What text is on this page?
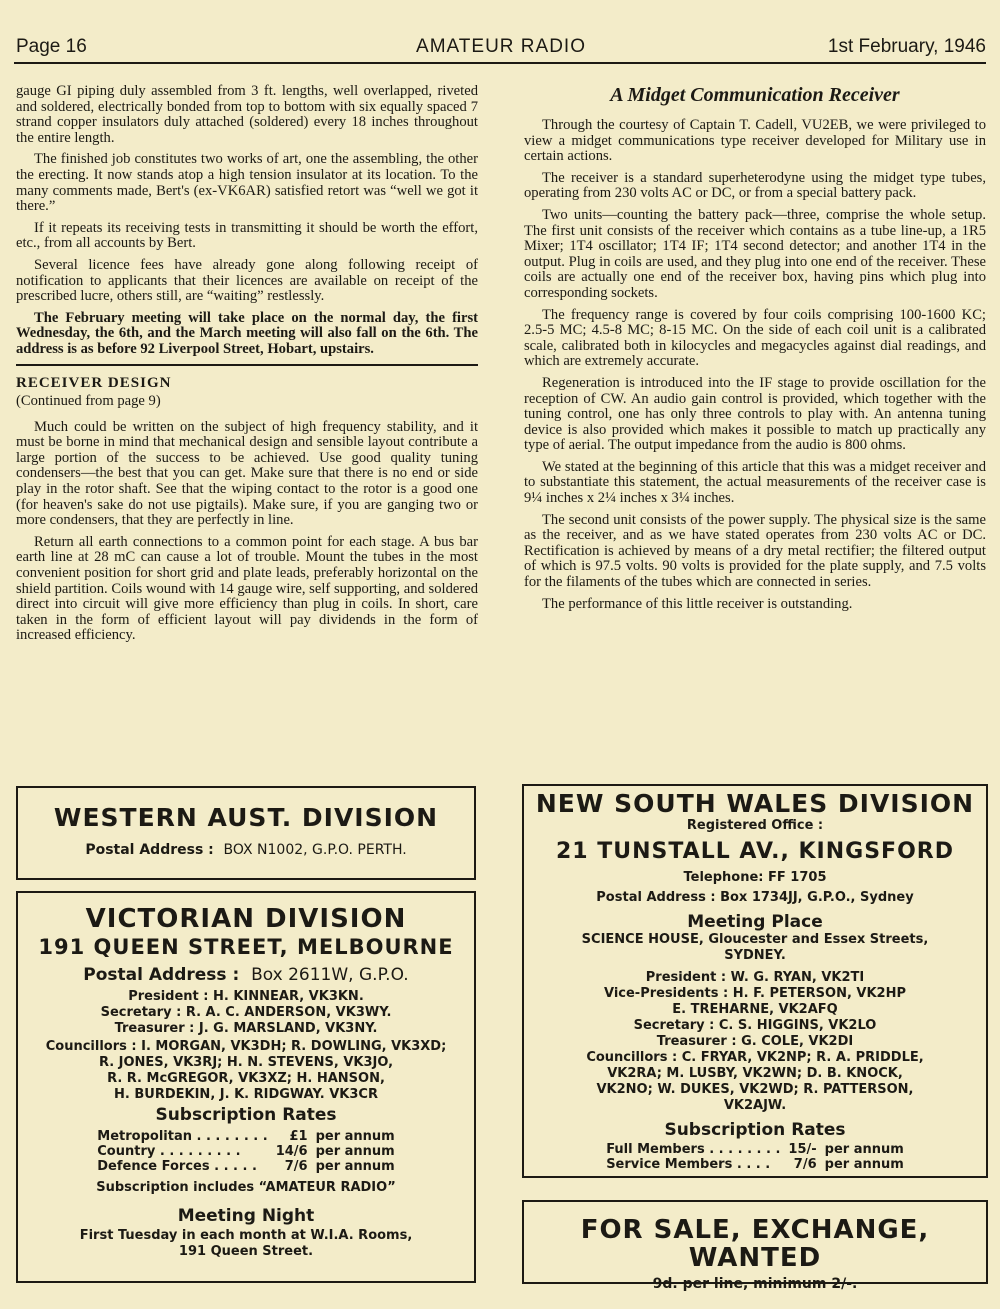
Page 16	AMATEUR RADIO	1st February, 1946

gauge GI piping duly assembled from 3 ft. lengths, well overlapped, riveted and soldered, electrically bonded from top to bottom with six equally spaced 7 strand copper insulators duly attached (soldered) every 18 inches throughout the entire length.

The finished job constitutes two works of art, one the assembling, the other the erecting. It now stands atop a high tension insulator at its location. To the many comments made, Bert's (ex-VK6AR) satisfied retort was “well we got it there.”

If it repeats its receiving tests in transmitting it should be worth the effort, etc., from all accounts by Bert.

Several licence fees have already gone along following receipt of notification to applicants that their licences are available on receipt of the prescribed lucre, others still, are “waiting” restlessly.

The February meeting will take place on the normal day, the first Wednesday, the 6th, and the March meeting will also fall on the 6th. The address is as before 92 Liverpool Street, Hobart, upstairs.

RECEIVER DESIGN

(Continued from page 9)

Much could be written on the subject of high frequency stability, and it must be borne in mind that mechanical design and sensible layout contribute a large portion of the success to be achieved. Use good quality tuning condensers—the best that you can get. Make sure that there is no end or side play in the rotor shaft. See that the wiping contact to the rotor is a good one (for heaven's sake do not use pigtails). Make sure, if you are ganging two or more condensers, that they are perfectly in line.

Return all earth connections to a common point for each stage. A bus bar earth line at 28 mC can cause a lot of trouble. Mount the tubes in the most convenient position for short grid and plate leads, preferably horizontal on the shield partition. Coils wound with 14 gauge wire, self supporting, and soldered direct into circuit will give more efficiency than plug in coils. In short, care taken in the form of efficient layout will pay dividends in the form of increased efficiency.

A Midget Communication Receiver

Through the courtesy of Captain T. Cadell, VU2EB, we were privileged to view a midget communications type receiver developed for Military use in certain actions.

The receiver is a standard superheterodyne using the midget type tubes, operating from 230 volts AC or DC, or from a special battery pack.

Two units—counting the battery pack—three, comprise the whole setup. The first unit consists of the receiver which contains as a tube line-up, a 1R5 Mixer; 1T4 oscillator; 1T4 IF; 1T4 second detector; and another 1T4 in the output. Plug in coils are used, and they plug into one end of the receiver. These coils are actually one end of the receiver box, having pins which plug into corresponding sockets.

The frequency range is covered by four coils comprising 100-1600 KC; 2.5-5 MC; 4.5-8 MC; 8-15 MC. On the side of each coil unit is a calibrated scale, calibrated both in kilocycles and megacycles against dial readings, and which are extremely accurate.

Regeneration is introduced into the IF stage to provide oscillation for the reception of CW. An audio gain control is provided, which together with the tuning control, one has only three controls to play with. An antenna tuning device is also provided which makes it possible to match up practically any type of aerial. The output impedance from the audio is 800 ohms.

We stated at the beginning of this article that this was a midget receiver and to substantiate this statement, the actual measurements of the receiver case is 9¼ inches x 2¼ inches x 3¼ inches.

The second unit consists of the power supply. The physical size is the same as the receiver, and as we have stated operates from 230 volts AC or DC. Rectification is achieved by means of a dry metal rectifier; the filtered output of which is 97.5 volts. 90 volts is provided for the plate supply, and 7.5 volts for the filaments of the tubes which are connected in series.

The performance of this little receiver is outstanding.

WESTERN AUST. DIVISION
Postal Address : BOX N1002, G.P.O. PERTH.
VICTORIAN DIVISION
191 QUEEN STREET, MELBOURNE
Postal Address : Box 2611W, G.P.O.
President : H. KINNEAR, VK3KN.
Secretary : R. A. C. ANDERSON, VK3WY.
Treasurer : J. G. MARSLAND, VK3NY.
Councillors : I. MORGAN, VK3DH; R. DOWLING, VK3XD;
R. JONES, VK3RJ; H. N. STEVENS, VK3JO,
R. R. McGREGOR, VK3XZ; H. HANSON,
H. BURDEKIN, J. K. RIDGWAY. VK3CR
Subscription Rates
Metropolitan . . . . . . . .	£1	per annum
Country . . . . . . . . .	14/6	per annum
Defence Forces . . . . .	7/6	per annum
Subscription includes “AMATEUR RADIO”
Meeting Night
First Tuesday in each month at W.I.A. Rooms,
191 Queen Street.
NEW SOUTH WALES DIVISION
Registered Office :
21 TUNSTALL AV., KINGSFORD
Telephone: FF 1705
Postal Address : Box 1734JJ, G.P.O., Sydney
Meeting Place
SCIENCE HOUSE, Gloucester and Essex Streets,
SYDNEY.
President : W. G. RYAN, VK2TI
Vice-Presidents : H. F. PETERSON, VK2HP
E. TREHARNE, VK2AFQ
Secretary : C. S. HIGGINS, VK2LO
Treasurer : G. COLE, VK2DI
Councillors : C. FRYAR, VK2NP; R. A. PRIDDLE,
VK2RA; M. LUSBY, VK2WN; D. B. KNOCK,
VK2NO; W. DUKES, VK2WD; R. PATTERSON,
VK2AJW.
Subscription Rates
Full Members . . . . . . . .	15/-	per annum
Service Members . . . .	7/6	per annum
FOR SALE, EXCHANGE, WANTED
9d. per line, minimum 2/-.
